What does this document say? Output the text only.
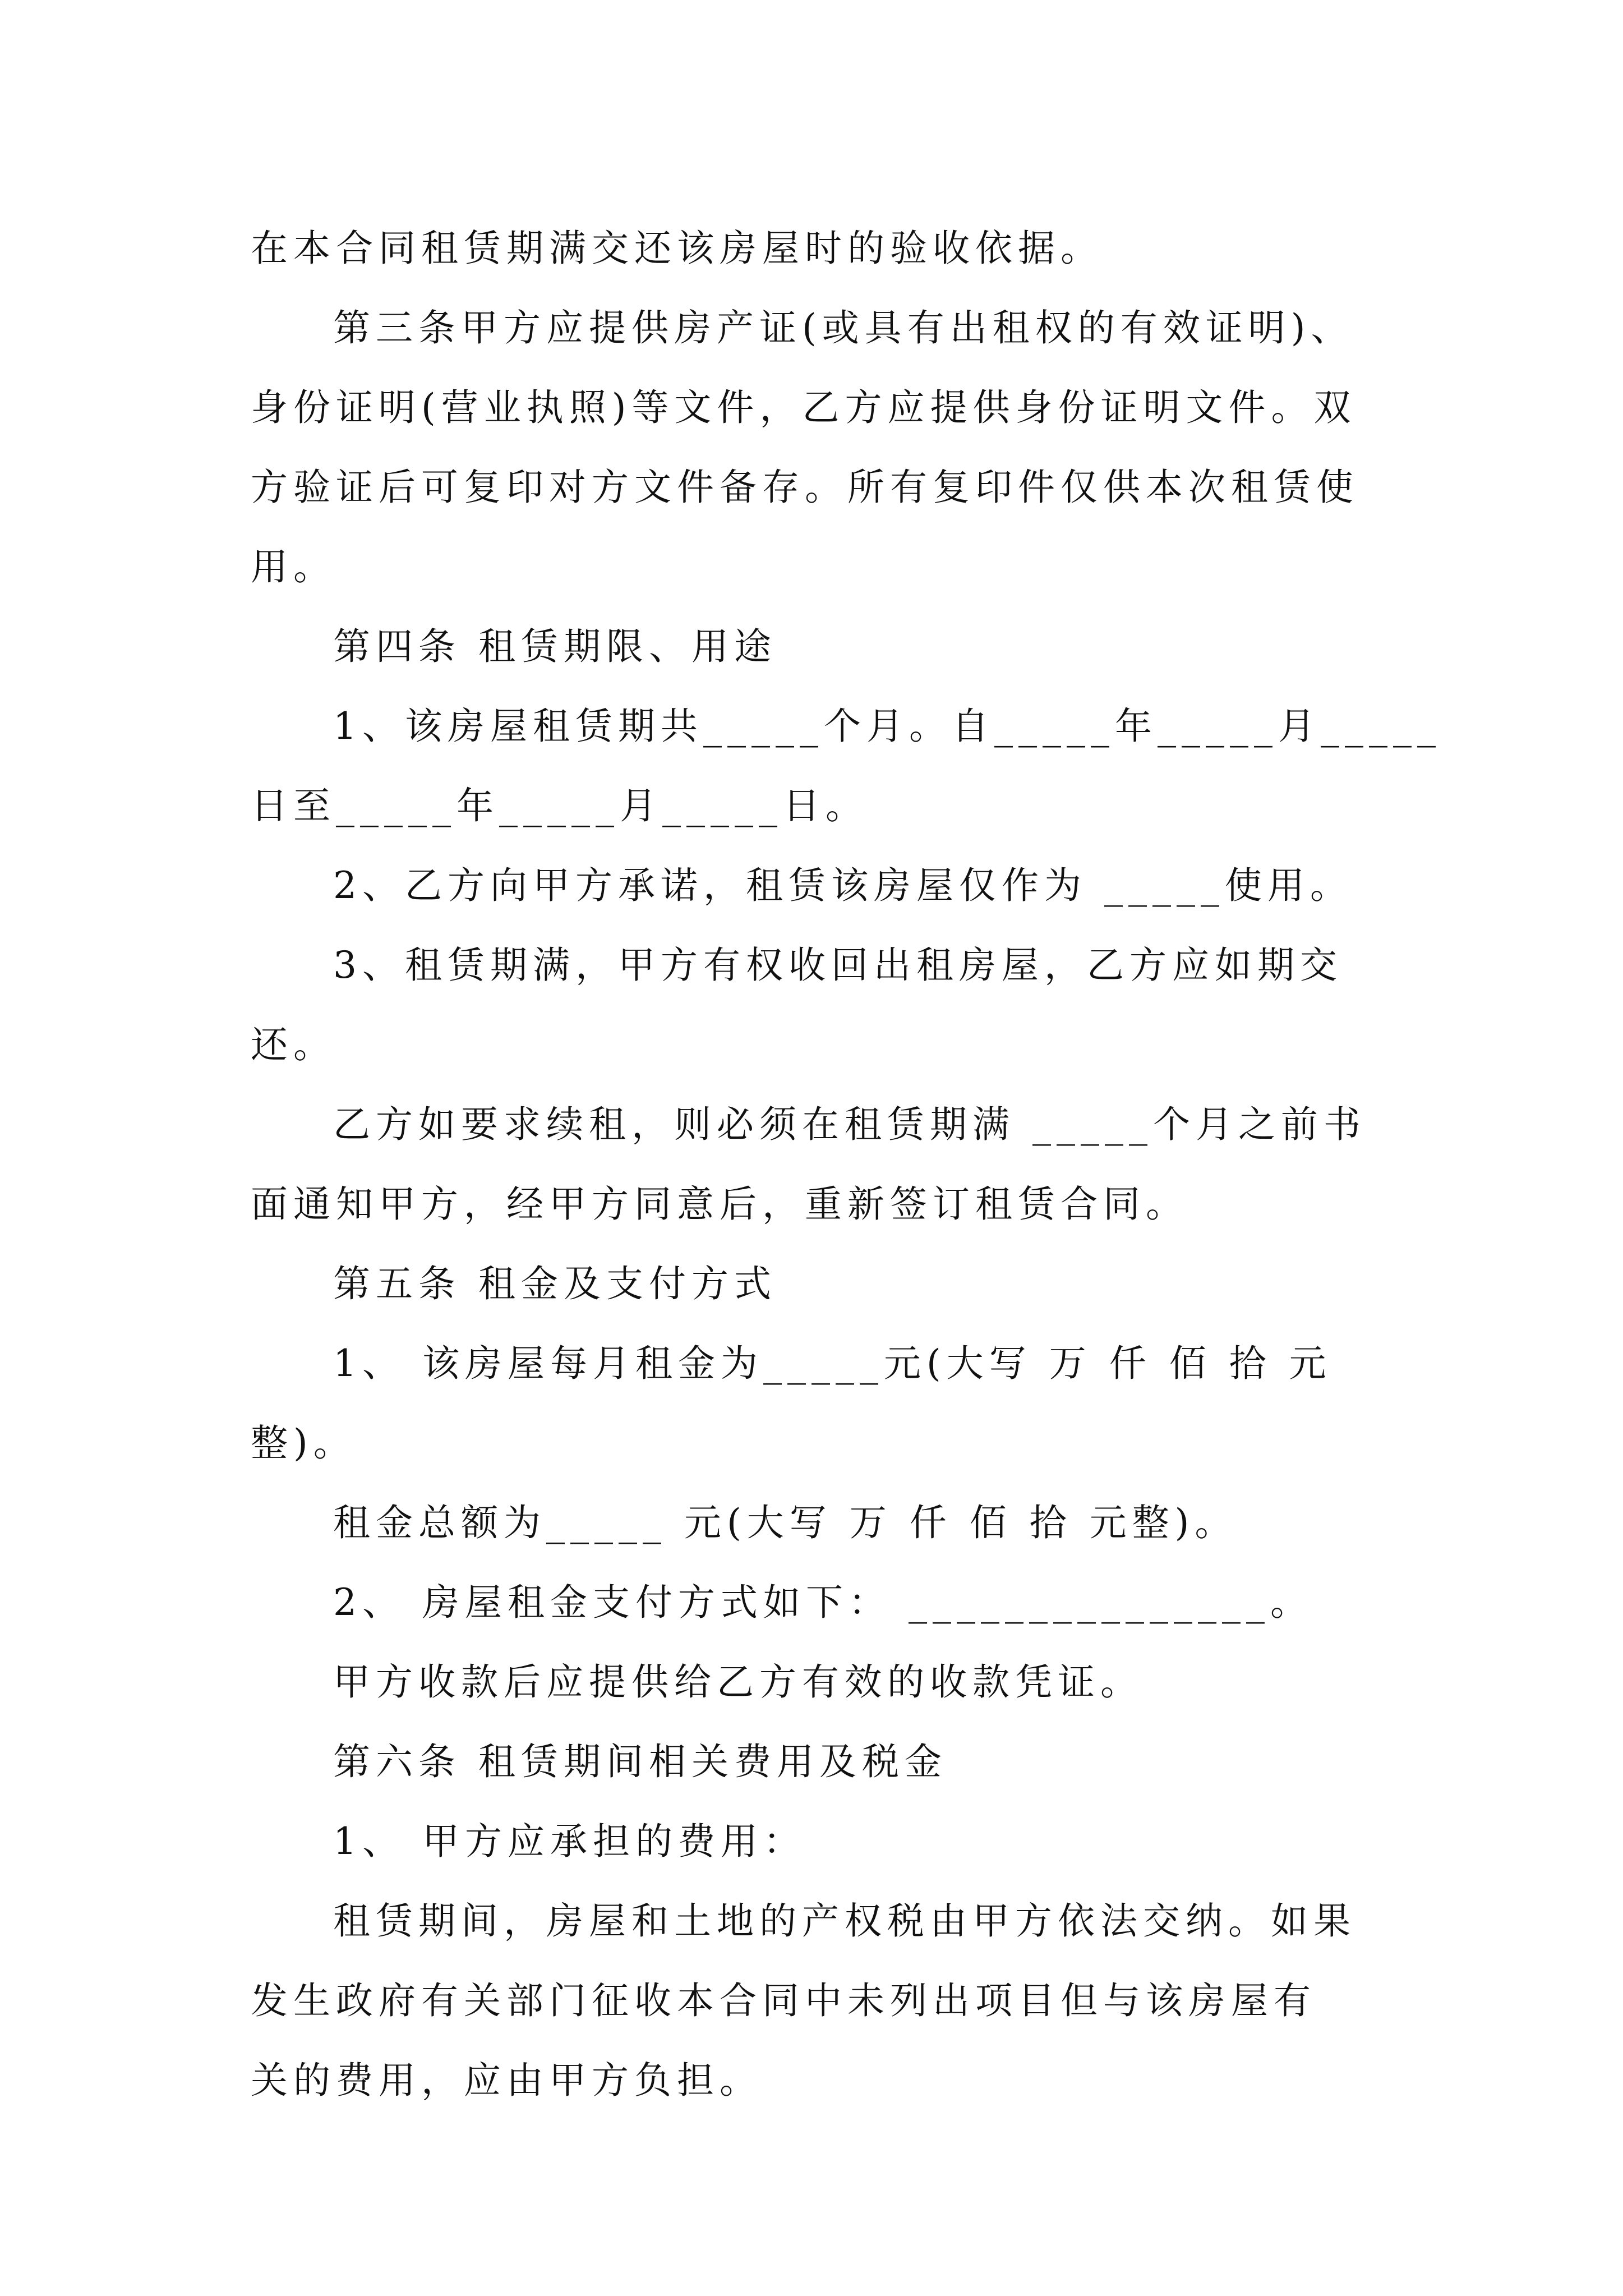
在本合同租赁期满交还该房屋时的验收依据。

第三条甲方应提供房产证(或具有出租权的有效证明)、

身份证明(营业执照)等文件，乙方应提供身份证明文件。双

方验证后可复印对方文件备存。所有复印件仅供本次租赁使

用。

第四条 租赁期限、用途

1、该房屋租赁期共_____个月。自_____年_____月_____

日至_____年_____月_____日。

2、乙方向甲方承诺，租赁该房屋仅作为 _____使用。

3、租赁期满，甲方有权收回出租房屋，乙方应如期交

还。

乙方如要求续租，则必须在租赁期满 _____个月之前书

面通知甲方，经甲方同意后，重新签订租赁合同。

第五条 租金及支付方式

1、 该房屋每月租金为_____元(大写 万 仟 佰 拾 元

整)。

租金总额为_____ 元(大写 万 仟 佰 拾 元整)。

2、 房屋租金支付方式如下： _______________。

甲方收款后应提供给乙方有效的收款凭证。

第六条 租赁期间相关费用及税金

1、 甲方应承担的费用：

租赁期间，房屋和土地的产权税由甲方依法交纳。如果

发生政府有关部门征收本合同中未列出项目但与该房屋有

关的费用，应由甲方负担。
